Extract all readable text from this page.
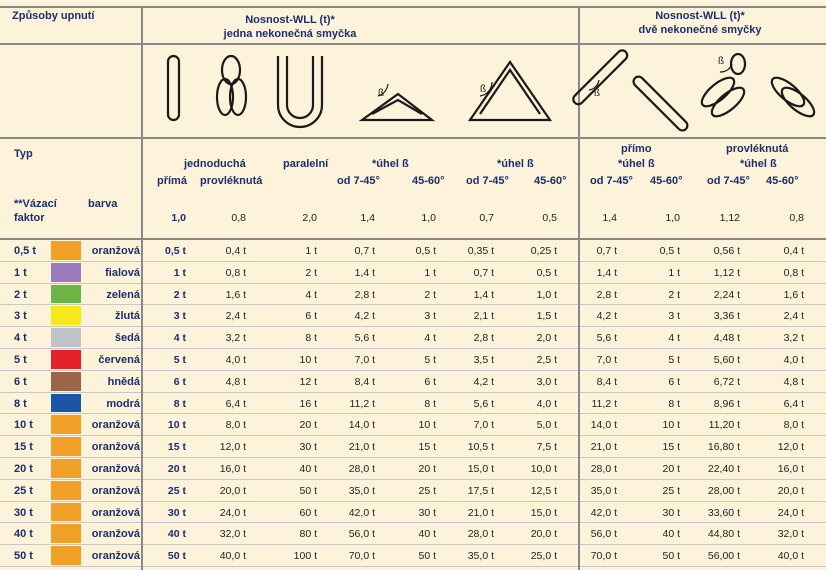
Způsoby upnutí	Nosnost-WLL (t)*
jedna nekonečná smyčka
Nosnost-WLL (t)*
dvě nekonečné smyčky
Typ
jednoduchá
přímá provléknutá
paralelní	*úhel ß	*úhel ß
od 7-45°	45-60° od 7-45° 45-60°
přímo
*úhel ß
od 7-45° 45-60°
provléknutá
*úhel ß
od 7-45° 45-60°
**Vázací
faktor
barva
1,0	0,8	2,0	1,4	1,0	0,7	0,5	1,4	1,0	1,12	0,8
0,5 t	oranžová	0,5 t	0,4 t	1 t	0,7 t	0,5 t	0,35 t	0,25 t	0,7 t	0,5 t	0,56 t	0,4 t
1 t	fialová	1 t	0,8 t	2 t	1,4 t	1 t	0,7 t	0,5 t	1,4 t	1 t	1,12 t	0,8 t
2 t	zelená	2 t	1,6 t	4 t	2,8 t	2 t	1,4 t	1,0 t	2,8 t	2 t	2,24 t	1,6 t
3 t	žlutá	3 t	2,4 t	6 t	4,2 t	3 t	2,1 t	1,5 t	4,2 t	3 t	3,36 t	2,4 t
4 t	šedá	4 t	3,2 t	8 t	5,6 t	4 t	2,8 t	2,0 t	5,6 t	4 t	4,48 t	3,2 t
5 t	červená	5 t	4,0 t	10 t	7,0 t	5 t	3,5 t	2,5 t	7,0 t	5 t	5,60 t	4,0 t
6 t	hnědá	6 t	4,8 t	12 t	8,4 t	6 t	4,2 t	3,0 t	8,4 t	6 t	6,72 t	4,8 t
8 t	modrá	8 t	6,4 t	16 t	11,2 t	8 t	5,6 t	4,0 t	11,2 t	8 t	8,96 t	6,4 t
10 t	oranžová	10 t	8,0 t	20 t	14,0 t	10 t	7,0 t	5,0 t	14,0 t	10 t	11,20 t	8,0 t
15 t	oranžová	15 t	12,0 t	30 t	21,0 t	15 t	10,5 t	7,5 t	21,0 t	15 t	16,80 t	12,0 t
20 t	oranžová	20 t	16,0 t	40 t	28,0 t	20 t	15,0 t	10,0 t	28,0 t	20 t	22,40 t	16,0 t
25 t	oranžová	25 t	20,0 t	50 t	35,0 t	25 t	17,5 t	12,5 t	35,0 t	25 t	28,00 t	20,0 t
30 t	oranžová	30 t	24,0 t	60 t	42,0 t	30 t	21,0 t	15,0 t	42,0 t	30 t	33,60 t	24,0 t
40 t	oranžová	40 t	32,0 t	80 t	56,0 t	40 t	28,0 t	20,0 t	56,0 t	40 t	44,80 t	32,0 t
50 t	oranžová	50 t	40,0 t	100 t	70,0 t	50 t	35,0 t	25,0 t	70,0 t	50 t	56,00 t	40,0 t
ß	ß	ß
ß
